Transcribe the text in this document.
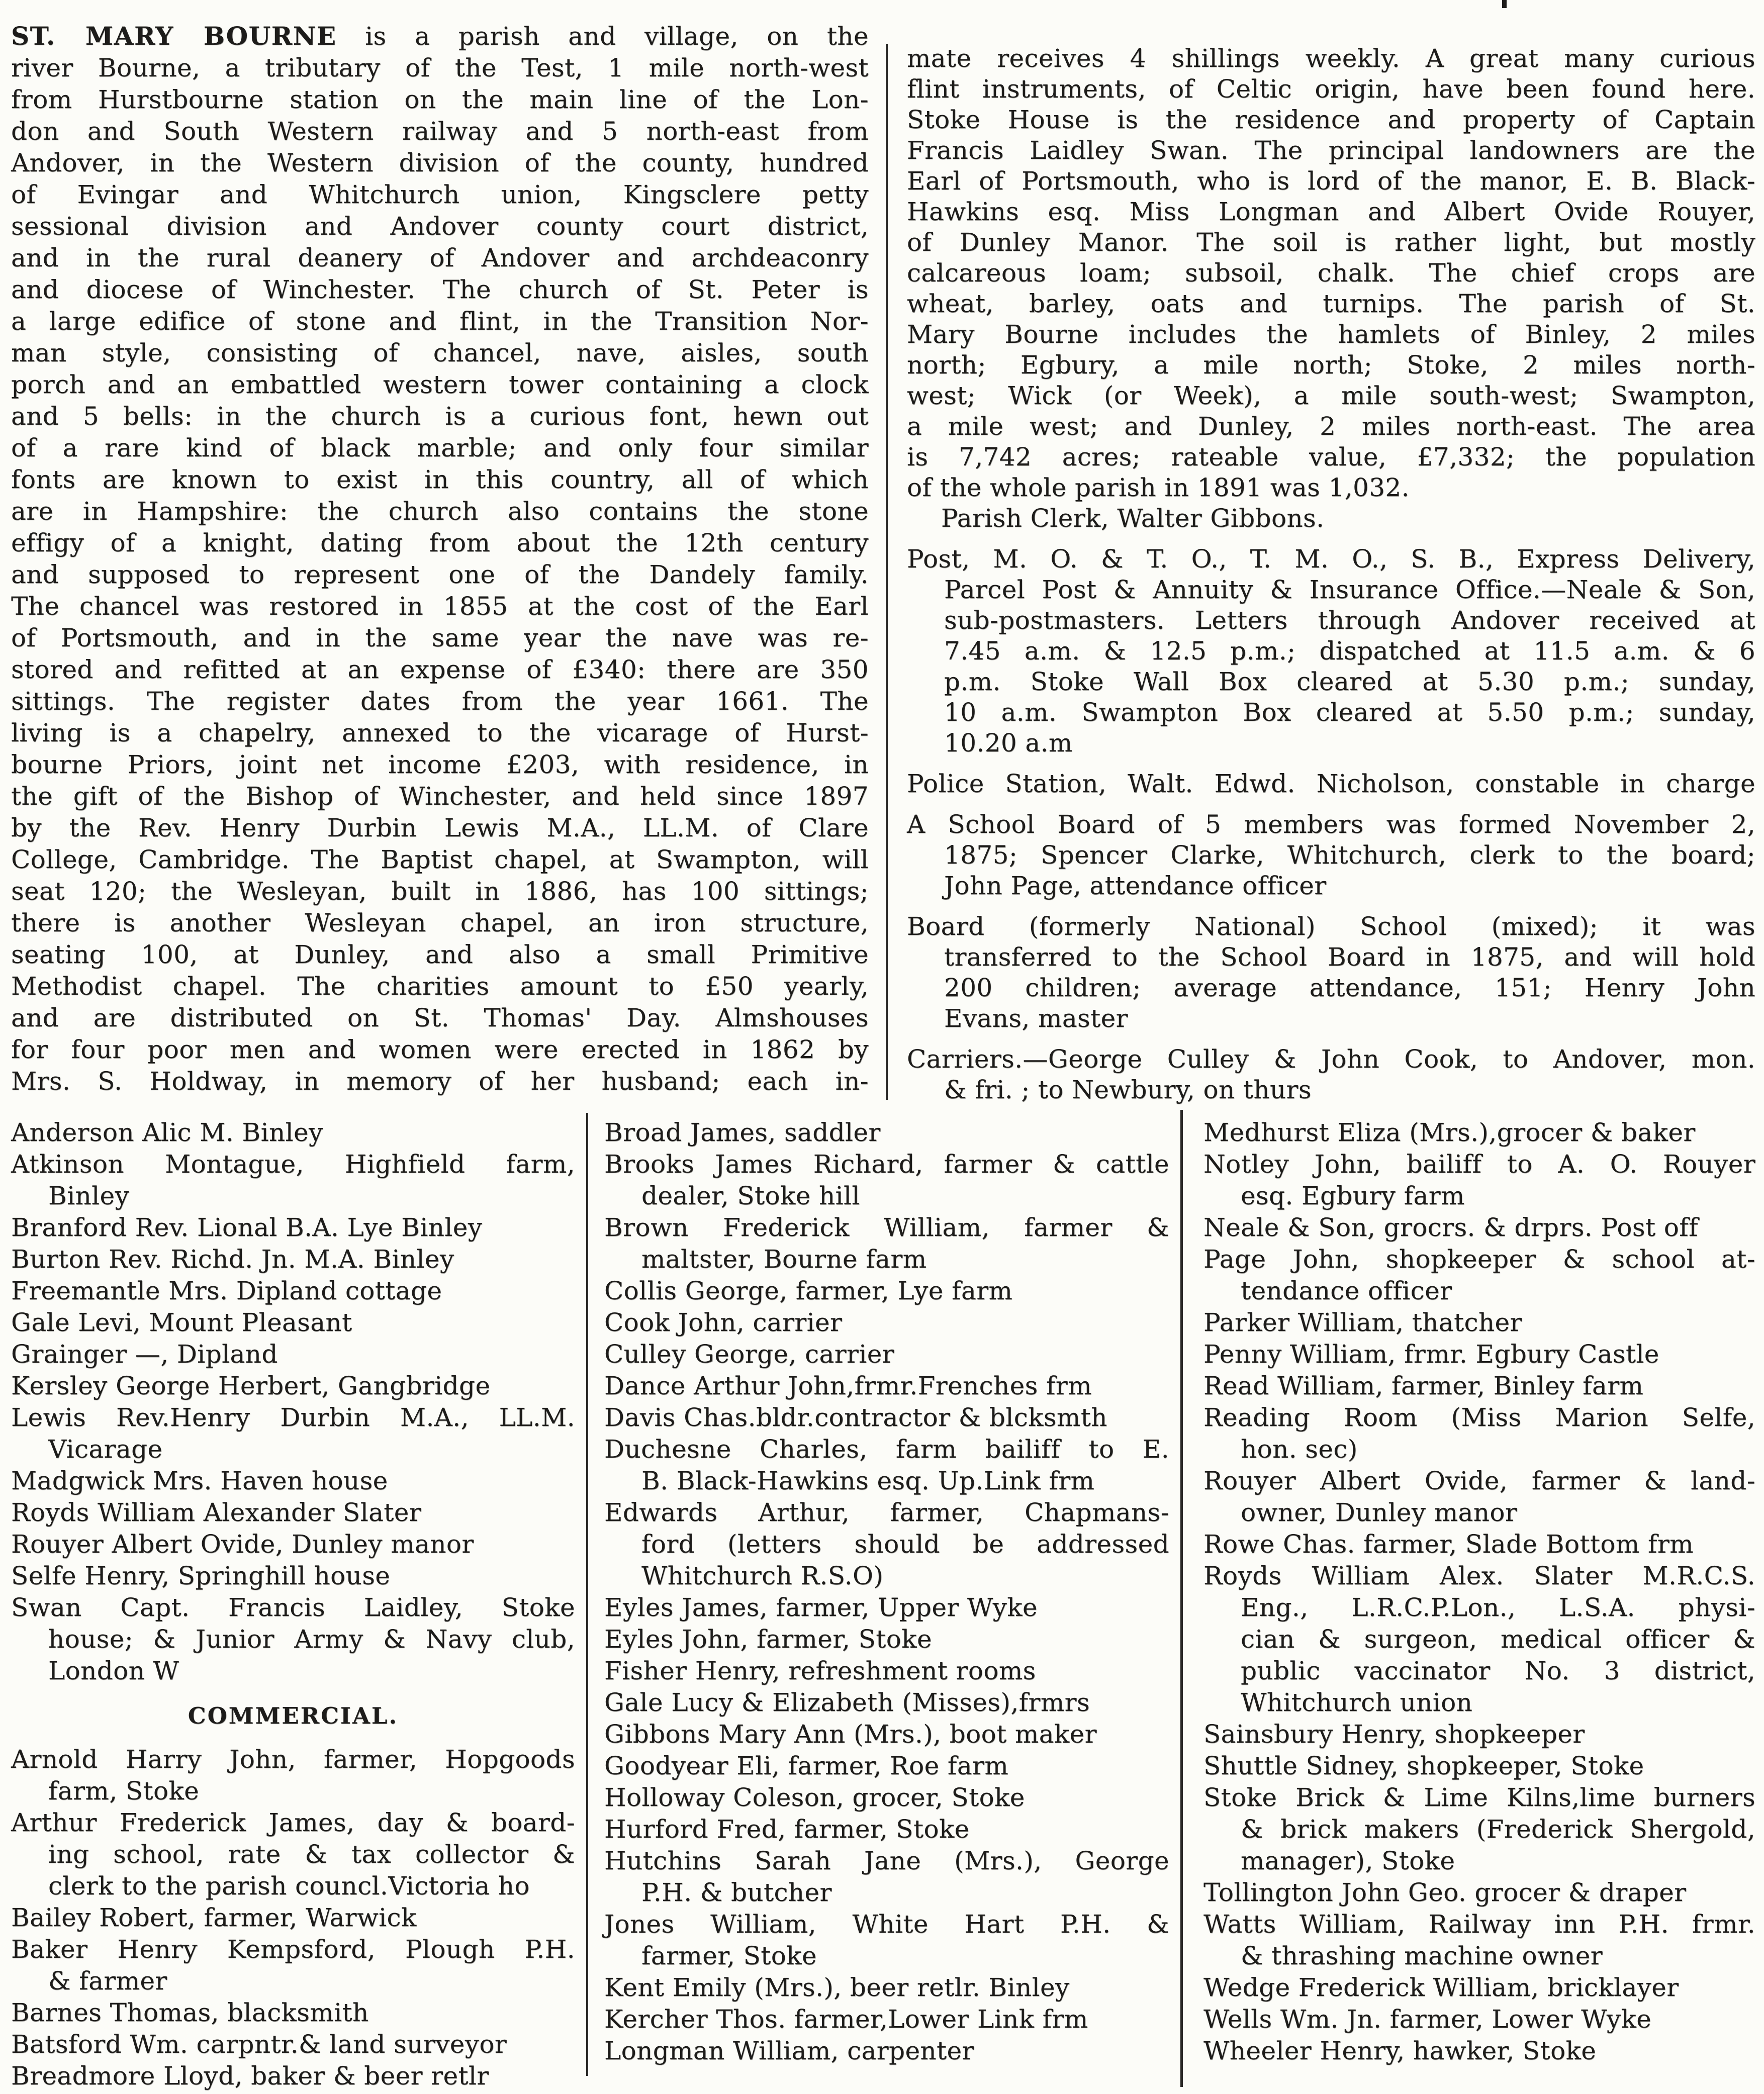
ST. MARY BOURNE is a parish and village, on the
river Bourne, a tributary of the Test, 1 mile north-west
from Hurstbourne station on the main line of the Lon-
don and South Western railway and 5 north-east from
Andover, in the Western division of the county, hundred
of Evingar and Whitchurch union, Kingsclere petty
sessional division and Andover county court district,
and in the rural deanery of Andover and archdeaconry
and diocese of Winchester. The church of St. Peter is
a large edifice of stone and flint, in the Transition Nor-
man style, consisting of chancel, nave, aisles, south
porch and an embattled western tower containing a clock
and 5 bells: in the church is a curious font, hewn out
of a rare kind of black marble; and only four similar
fonts are known to exist in this country, all of which
are in Hampshire: the church also contains the stone
effigy of a knight, dating from about the 12th century
and supposed to represent one of the Dandely family.
The chancel was restored in 1855 at the cost of the Earl
of Portsmouth, and in the same year the nave was re-
stored and refitted at an expense of £340: there are 350
sittings. The register dates from the year 1661. The
living is a chapelry, annexed to the vicarage of Hurst-
bourne Priors, joint net income £203, with residence, in
the gift of the Bishop of Winchester, and held since 1897
by the Rev. Henry Durbin Lewis M.A., LL.M. of Clare
College, Cambridge. The Baptist chapel, at Swampton, will
seat 120; the Wesleyan, built in 1886, has 100 sittings;
there is another Wesleyan chapel, an iron structure,
seating 100, at Dunley, and also a small Primitive
Methodist chapel. The charities amount to £50 yearly,
and are distributed on St. Thomas' Day. Almshouses
for four poor men and women were erected in 1862 by
Mrs. S. Holdway, in memory of her husband; each in-
mate receives 4 shillings weekly. A great many curious
flint instruments, of Celtic origin, have been found here.
Stoke House is the residence and property of Captain
Francis Laidley Swan. The principal landowners are the
Earl of Portsmouth, who is lord of the manor, E. B. Black-
Hawkins esq. Miss Longman and Albert Ovide Rouyer,
of Dunley Manor. The soil is rather light, but mostly
calcareous loam; subsoil, chalk. The chief crops are
wheat, barley, oats and turnips. The parish of St.
Mary Bourne includes the hamlets of Binley, 2 miles
north; Egbury, a mile north; Stoke, 2 miles north-
west; Wick (or Week), a mile south-west; Swampton,
a mile west; and Dunley, 2 miles north-east. The area
is 7,742 acres; rateable value, £7,332; the population
of the whole parish in 1891 was 1,032.
Parish Clerk, Walter Gibbons.
Post, M. O. & T. O., T. M. O., S. B., Express Delivery,
Parcel Post & Annuity & Insurance Office.—Neale & Son,
sub-postmasters. Letters through Andover received at
7.45 a.m. & 12.5 p.m.; dispatched at 11.5 a.m. & 6
p.m. Stoke Wall Box cleared at 5.30 p.m.; sunday,
10 a.m. Swampton Box cleared at 5.50 p.m.; sunday,
10.20 a.m
Police Station, Walt. Edwd. Nicholson, constable in charge
A School Board of 5 members was formed November 2,
1875; Spencer Clarke, Whitchurch, clerk to the board;
John Page, attendance officer
Board (formerly National) School (mixed); it was
transferred to the School Board in 1875, and will hold
200 children; average attendance, 151; Henry John
Evans, master
Carriers.—George Culley & John Cook, to Andover, mon.
& fri. ; to Newbury, on thurs
Anderson Alic M. Binley
Atkinson Montague, Highfield farm,
Binley
Branford Rev. Lional B.A. Lye Binley
Burton Rev. Richd. Jn. M.A. Binley
Freemantle Mrs. Dipland cottage
Gale Levi, Mount Pleasant
Grainger —, Dipland
Kersley George Herbert, Gangbridge
Lewis Rev.Henry Durbin M.A., LL.M.
Vicarage
Madgwick Mrs. Haven house
Royds William Alexander Slater
Rouyer Albert Ovide, Dunley manor
Selfe Henry, Springhill house
Swan Capt. Francis Laidley, Stoke
house; & Junior Army & Navy club,
London W
COMMERCIAL.
Arnold Harry John, farmer, Hopgoods
farm, Stoke
Arthur Frederick James, day & board-
ing school, rate & tax collector &
clerk to the parish councl.Victoria ho
Bailey Robert, farmer, Warwick
Baker Henry Kempsford, Plough P.H.
& farmer
Barnes Thomas, blacksmith
Batsford Wm. carpntr.& land surveyor
Breadmore Lloyd, baker & beer retlr
Broad James, saddler
Brooks James Richard, farmer & cattle
dealer, Stoke hill
Brown Frederick William, farmer &
maltster, Bourne farm
Collis George, farmer, Lye farm
Cook John, carrier
Culley George, carrier
Dance Arthur John,frmr.Frenches frm
Davis Chas.bldr.contractor & blcksmth
Duchesne Charles, farm bailiff to E.
B. Black-Hawkins esq. Up.Link frm
Edwards Arthur, farmer, Chapmans-
ford (letters should be addressed
Whitchurch R.S.O)
Eyles James, farmer, Upper Wyke
Eyles John, farmer, Stoke
Fisher Henry, refreshment rooms
Gale Lucy & Elizabeth (Misses),frmrs
Gibbons Mary Ann (Mrs.), boot maker
Goodyear Eli, farmer, Roe farm
Holloway Coleson, grocer, Stoke
Hurford Fred, farmer, Stoke
Hutchins Sarah Jane (Mrs.), George
P.H. & butcher
Jones William, White Hart P.H. &
farmer, Stoke
Kent Emily (Mrs.), beer retlr. Binley
Kercher Thos. farmer,Lower Link frm
Longman William, carpenter
Medhurst Eliza (Mrs.),grocer & baker
Notley John, bailiff to A. O. Rouyer
esq. Egbury farm
Neale & Son, grocrs. & drprs. Post off
Page John, shopkeeper & school at-
tendance officer
Parker William, thatcher
Penny William, frmr. Egbury Castle
Read William, farmer, Binley farm
Reading Room (Miss Marion Selfe,
hon. sec)
Rouyer Albert Ovide, farmer & land-
owner, Dunley manor
Rowe Chas. farmer, Slade Bottom frm
Royds William Alex. Slater M.R.C.S.
Eng., L.R.C.P.Lon., L.S.A. physi-
cian & surgeon, medical officer &
public vaccinator No. 3 district,
Whitchurch union
Sainsbury Henry, shopkeeper
Shuttle Sidney, shopkeeper, Stoke
Stoke Brick & Lime Kilns,lime burners
& brick makers (Frederick Shergold,
manager), Stoke
Tollington John Geo. grocer & draper
Watts William, Railway inn P.H. frmr.
& thrashing machine owner
Wedge Frederick William, bricklayer
Wells Wm. Jn. farmer, Lower Wyke
Wheeler Henry, hawker, Stoke
